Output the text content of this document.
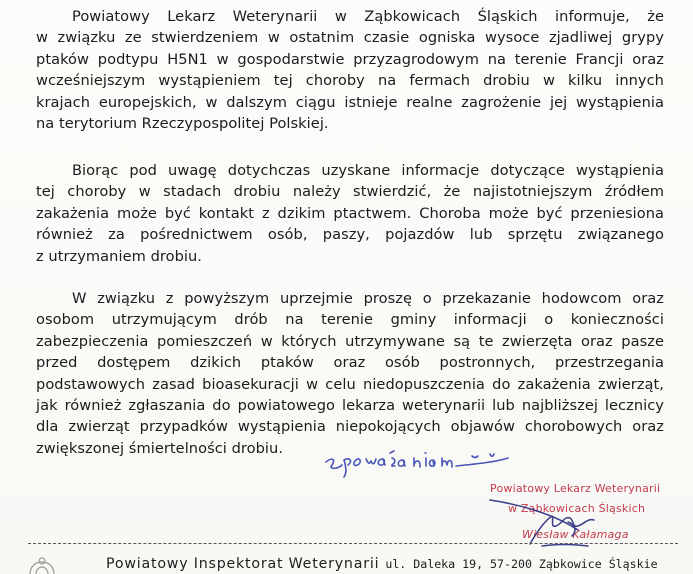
Powiatowy Lekarz Weterynarii w Ząbkowicach Śląskich informuje, że
w związku ze stwierdzeniem w ostatnim czasie ogniska wysoce zjadliwej grypy
ptaków podtypu H5N1 w gospodarstwie przyzagrodowym na terenie Francji oraz
wcześniejszym wystąpieniem tej choroby na fermach drobiu w kilku innych
krajach europejskich, w dalszym ciągu istnieje realne zagrożenie jej wystąpienia
na terytorium Rzeczypospolitej Polskiej.
Biorąc pod uwagę dotychczas uzyskane informacje dotyczące wystąpienia
tej choroby w stadach drobiu należy stwierdzić, że najistotniejszym źródłem
zakażenia może być kontakt z dzikim ptactwem. Choroba może być przeniesiona
również za pośrednictwem osób, paszy, pojazdów lub sprzętu związanego
z utrzymaniem drobiu.
W związku z powyższym uprzejmie proszę o przekazanie hodowcom oraz
osobom utrzymującym drób na terenie gminy informacji o konieczności
zabezpieczenia pomieszczeń w których utrzymywane są te zwierzęta oraz pasze
przed dostępem dzikich ptaków oraz osób postronnych, przestrzegania
podstawowych zasad bioasekuracji w celu niedopuszczenia do zakażenia zwierząt,
jak również zgłaszania do powiatowego lekarza weterynarii lub najbliższej lecznicy
dla zwierząt przypadków wystąpienia niepokojących objawów chorobowych oraz
zwiększonej śmiertelności drobiu.
Powiatowy Lekarz Weterynarii
w Ząbkowicach Śląskich
Wiesław Kałamaga
Powiatowy Inspektorat Weterynarii ul. Daleka 19, 57-200 Ząbkowice Śląskie
